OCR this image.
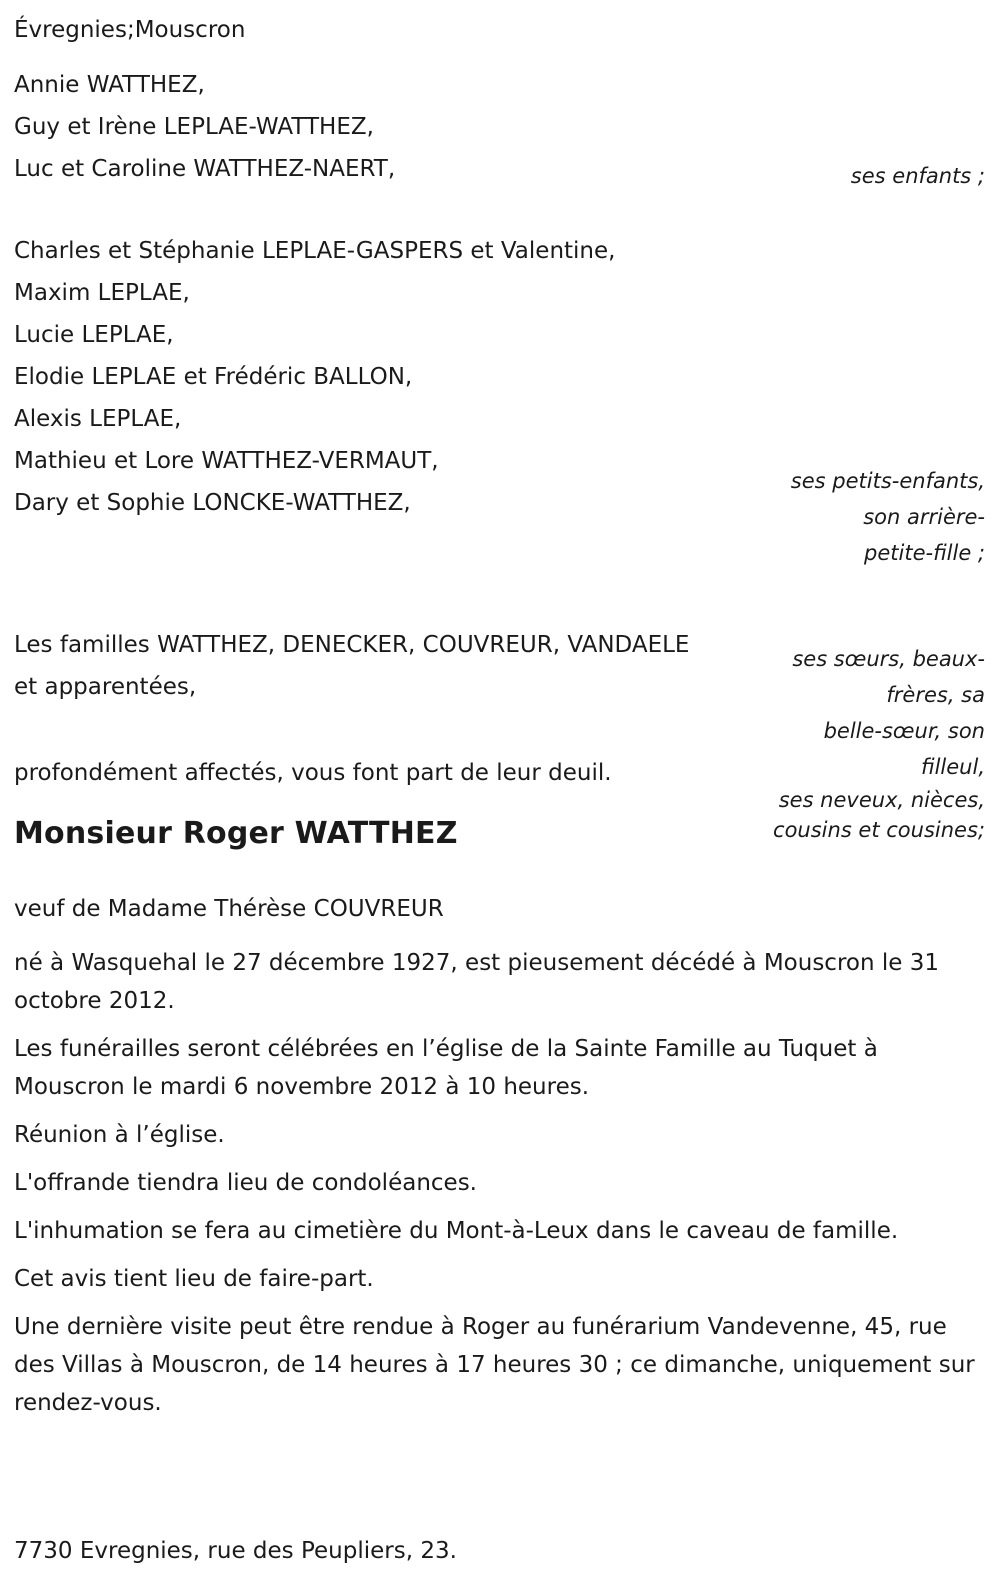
Évregnies;Mouscron
Annie WATTHEZ,
Guy et Irène LEPLAE-WATTHEZ,
Luc et Caroline WATTHEZ-NAERT,
Charles et Stéphanie LEPLAE-GASPERS et Valentine,
Maxim LEPLAE,
Lucie LEPLAE,
Elodie LEPLAE et Frédéric BALLON,
Alexis LEPLAE,
Mathieu et Lore WATTHEZ-VERMAUT,
Dary et Sophie LONCKE-WATTHEZ,
Les familles WATTHEZ, DENECKER, COUVREUR, VANDAELE
et apparentées,
profondément affectés, vous font part de leur deuil.
Monsieur Roger WATTHEZ
veuf de Madame Thérèse COUVREUR
ses enfants ;
ses petits-enfants,
son arrière-
petite-fille ;
ses sœurs, beaux-
frères, sa
belle-sœur, son
filleul,
ses neveux, nièces,
cousins et cousines;

né à Wasquehal le 27 décembre 1927, est pieusement décédé à Mouscron le 31 octobre 2012.

Les funérailles seront célébrées en l’église de la Sainte Famille au Tuquet à Mouscron le mardi 6 novembre 2012 à 10 heures.

Réunion à l’église.

L'offrande tiendra lieu de condoléances.

L'inhumation se fera au cimetière du Mont-à-Leux dans le caveau de famille.

Cet avis tient lieu de faire-part.

Une dernière visite peut être rendue à Roger au funérarium Vandevenne, 45, rue des Villas à Mouscron, de 14 heures à 17 heures 30 ; ce dimanche, uniquement sur rendez-vous.

7730 Evregnies, rue des Peupliers, 23.
